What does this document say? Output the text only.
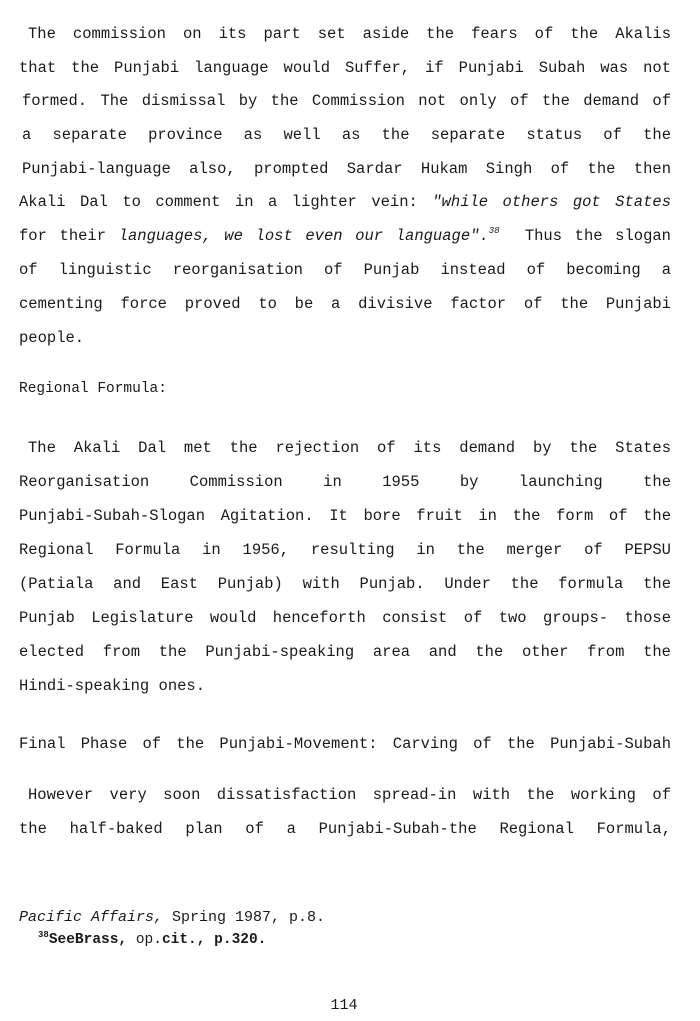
The commission on its part set aside the fears of the Akalis
that the Punjabi language would Suffer, if Punjabi Subah was not
formed. The dismissal by the Commission not only of the demand of
a separate province as well as the separate status of the
Punjabi-language also, prompted Sardar Hukam Singh of the then
Akali Dal to comment in a lighter vein: "while others got States
for their languages, we lost even our language".$^{38}$ Thus the slogan
of linguistic reorganisation of Punjab instead of becoming a
cementing force proved to be a divisive factor of the Punjabi
people.
Regional Formula:
The Akali Dal met the rejection of its demand by the States
Reorganisation Commission in 1955 by launching the
Punjabi-Subah-Slogan Agitation. It bore fruit in the form of the
Regional Formula in 1956, resulting in the merger of PEPSU
(Patiala and East Punjab) with Punjab. Under the formula the
Punjab Legislature would henceforth consist of two groups- those
elected from the Punjabi-speaking area and the other from the
Hindi-speaking ones.
Final Phase of the Punjabi-Movement: Carving of the Punjabi-Subah
However very soon dissatisfaction spread-in with the working of
the half-baked plan of a Punjabi-Subah-the Regional Formula,
Pacific Affairs, Spring 1987, p.8.
$^{38}$SeeBrass, op.cit., p.320.
114
